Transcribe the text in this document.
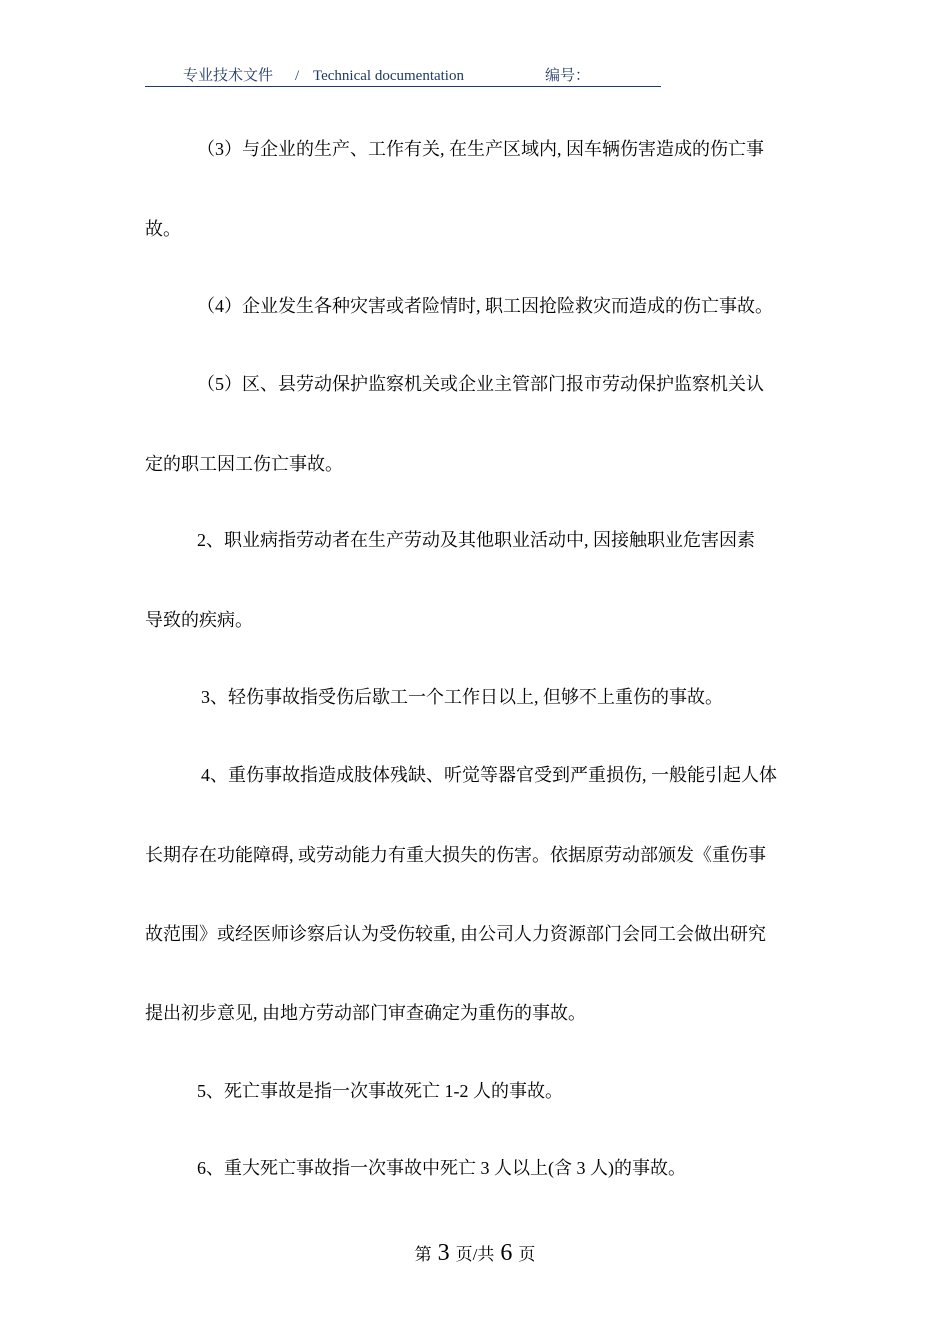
专业技术文件 / Technical documentation	编号：
（3）与企业的生产、工作有关, 在生产区域内, 因车辆伤害造成的伤亡事
故。
（4）企业发生各种灾害或者险情时, 职工因抢险救灾而造成的伤亡事故。
（5）区、县劳动保护监察机关或企业主管部门报市劳动保护监察机关认
定的职工因工伤亡事故。
2、职业病指劳动者在生产劳动及其他职业活动中, 因接触职业危害因素
导致的疾病。
3、轻伤事故指受伤后歇工一个工作日以上, 但够不上重伤的事故。
4、重伤事故指造成肢体残缺、听觉等器官受到严重损伤, 一般能引起人体
长期存在功能障碍, 或劳动能力有重大损失的伤害。依据原劳动部颁发《重伤事
故范围》或经医师诊察后认为受伤较重, 由公司人力资源部门会同工会做出研究
提出初步意见, 由地方劳动部门审查确定为重伤的事故。
5、死亡事故是指一次事故死亡 1-2 人的事故。
6、重大死亡事故指一次事故中死亡 3 人以上(含 3 人)的事故。
第 3 页/共 6 页
